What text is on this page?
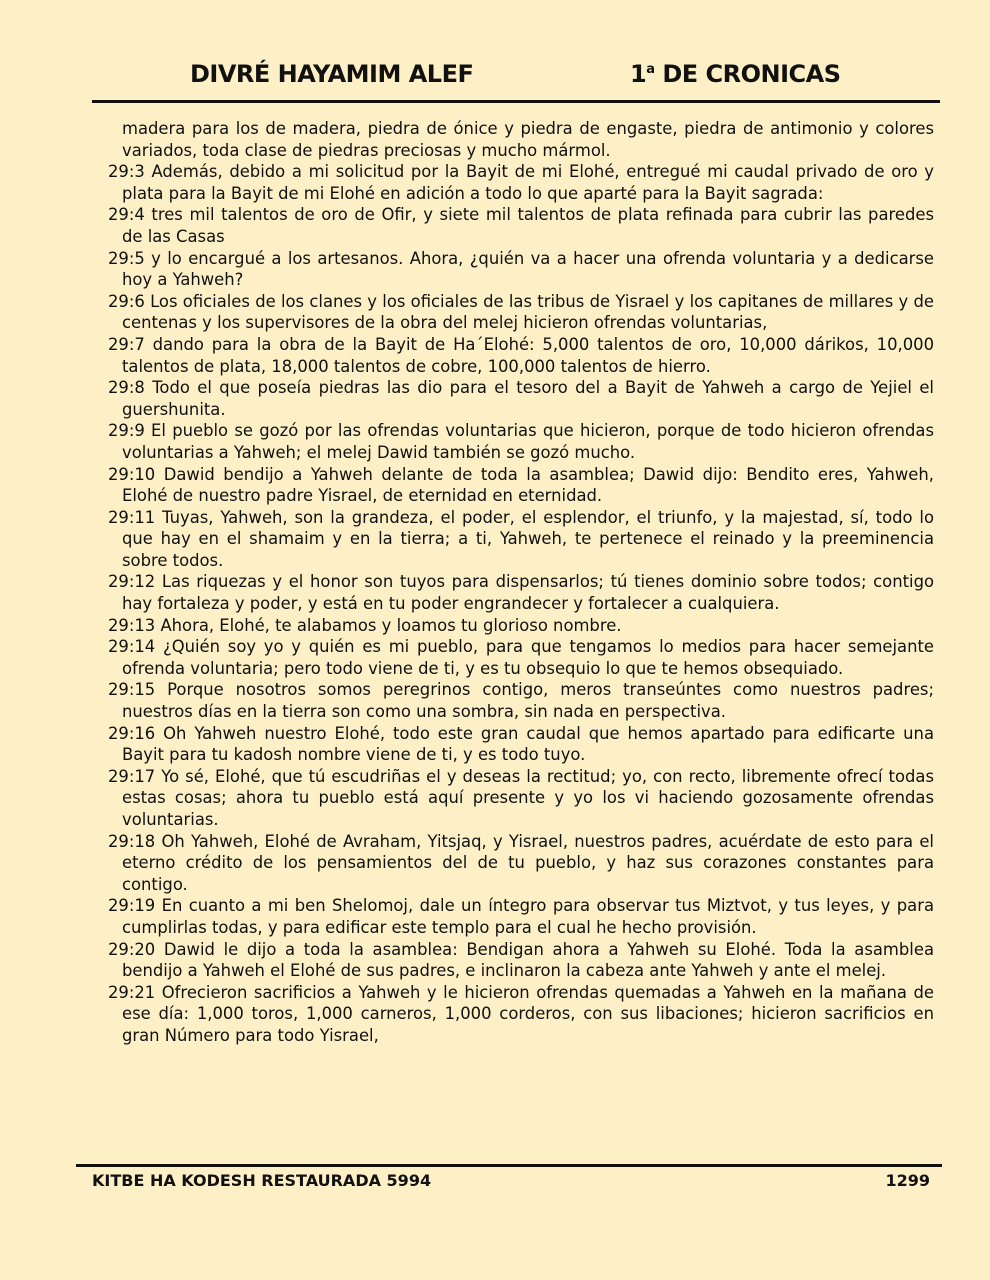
DIVRÉ HAYAMIM ALEF	1$^a$ DE CRONICAS

madera para los de madera, piedra de ónice y piedra de engaste, piedra de antimonio y colores variados, toda clase de piedras preciosas y mucho mármol.

29:3 Además, debido a mi solicitud por la Bayit de mi Elohé, entregué mi caudal privado de oro y plata para la Bayit de mi Elohé en adición a todo lo que aparté para la Bayit sagrada:

29:4 tres mil talentos de oro de Ofir, y siete mil talentos de plata refinada para cubrir las paredes de las Casas

29:5 y lo encargué a los artesanos. Ahora, ¿quién va a hacer una ofrenda voluntaria y a dedicarse hoy a Yahweh?

29:6 Los oficiales de los clanes y los oficiales de las tribus de Yisrael y los capitanes de millares y de centenas y los supervisores de la obra del melej hicieron ofrendas voluntarias,

29:7 dando para la obra de la Bayit de Ha´Elohé: 5,000 talentos de oro, 10,000 dárikos, 10,000 talentos de plata, 18,000 talentos de cobre, 100,000 talentos de hierro.

29:8 Todo el que poseía piedras las dio para el tesoro del a Bayit de Yahweh a cargo de Yejiel el guershunita.

29:9 El pueblo se gozó por las ofrendas voluntarias que hicieron, porque de todo hicieron ofrendas voluntarias a Yahweh; el melej Dawid también se gozó mucho.

29:10 Dawid bendijo a Yahweh delante de toda la asamblea; Dawid dijo: Bendito eres, Yahweh, Elohé de nuestro padre Yisrael, de eternidad en eternidad.

29:11 Tuyas, Yahweh, son la grandeza, el poder, el esplendor, el triunfo, y la majestad, sí, todo lo que hay en el shamaim y en la tierra; a ti, Yahweh, te pertenece el reinado y la preeminencia sobre todos.

29:12 Las riquezas y el honor son tuyos para dispensarlos; tú tienes dominio sobre todos; contigo hay fortaleza y poder, y está en tu poder engrandecer y fortalecer a cualquiera.

29:13 Ahora, Elohé, te alabamos y loamos tu glorioso nombre.

29:14 ¿Quién soy yo y quién es mi pueblo, para que tengamos lo medios para hacer semejante ofrenda voluntaria; pero todo viene de ti, y es tu obsequio lo que te hemos obsequiado.

29:15 Porque nosotros somos peregrinos contigo, meros transeúntes como nuestros padres; nuestros días en la tierra son como una sombra, sin nada en perspectiva.

29:16 Oh Yahweh nuestro Elohé, todo este gran caudal que hemos apartado para edificarte una Bayit para tu kadosh nombre viene de ti, y es todo tuyo.

29:17 Yo sé, Elohé, que tú escudriñas el y deseas la rectitud; yo, con recto, libremente ofrecí todas estas cosas; ahora tu pueblo está aquí presente y yo los vi haciendo gozosamente ofrendas voluntarias.

29:18 Oh Yahweh, Elohé de Avraham, Yitsjaq, y Yisrael, nuestros padres, acuérdate de esto para el eterno crédito de los pensamientos del de tu pueblo, y haz sus corazones constantes para contigo.

29:19 En cuanto a mi ben Shelomoj, dale un íntegro para observar tus Miztvot, y tus leyes, y para cumplirlas todas, y para edificar este templo para el cual he hecho provisión.

29:20 Dawid le dijo a toda la asamblea: Bendigan ahora a Yahweh su Elohé. Toda la asamblea bendijo a Yahweh el Elohé de sus padres, e inclinaron la cabeza ante Yahweh y ante el melej.

29:21 Ofrecieron sacrificios a Yahweh y le hicieron ofrendas quemadas a Yahweh en la mañana de ese día: 1,000 toros, 1,000 carneros, 1,000 corderos, con sus libaciones; hicieron sacrificios en gran Número para todo Yisrael,

KITBE HA KODESH RESTAURADA 5994	1299
